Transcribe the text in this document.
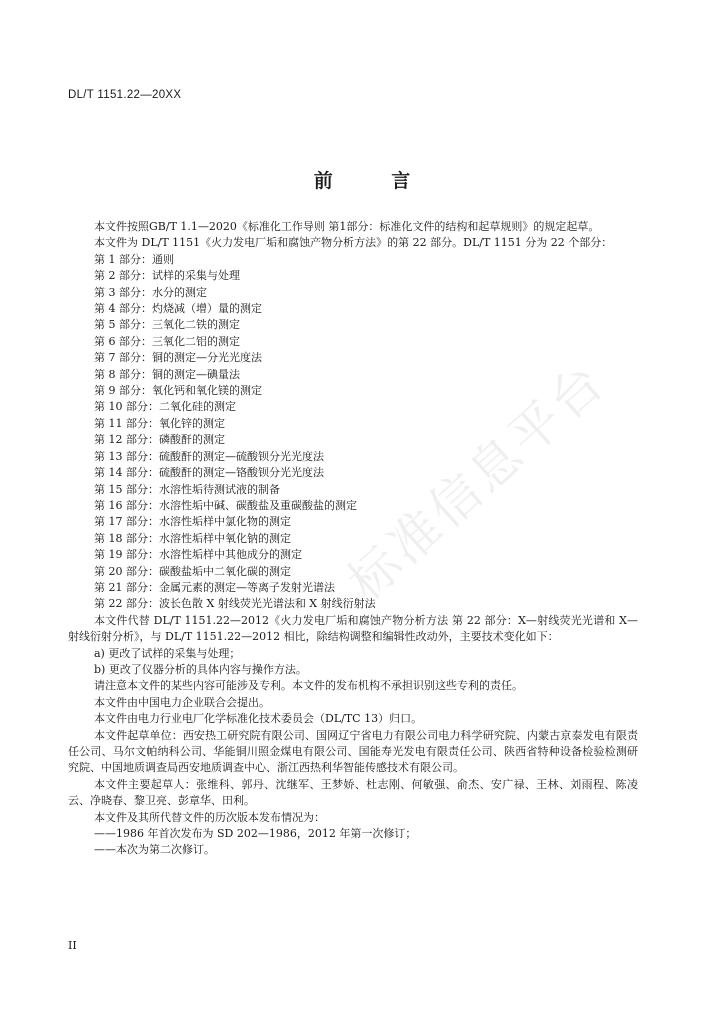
DL/T 1151.22—20XX
前 言

本文件按照GB/T 1.1—2020《标准化工作导则 第1部分：标准化文件的结构和起草规则》的规定起草。

本文件为 DL/T 1151《火力发电厂垢和腐蚀产物分析方法》的第 22 部分。DL/T 1151 分为 22 个部分：

第 1 部分：通则

第 2 部分：试样的采集与处理

第 3 部分：水分的测定

第 4 部分：灼烧减（增）量的测定

第 5 部分：三氧化二铁的测定

第 6 部分：三氧化二铝的测定

第 7 部分：铜的测定—分光光度法

第 8 部分：铜的测定—碘量法

第 9 部分：氧化钙和氧化镁的测定

第 10 部分：二氧化硅的测定

第 11 部分：氧化锌的测定

第 12 部分：磷酸酐的测定

第 13 部分：硫酸酐的测定—硫酸钡分光光度法

第 14 部分：硫酸酐的测定—铬酸钡分光光度法

第 15 部分：水溶性垢待测试液的制备

第 16 部分：水溶性垢中碱、碳酸盐及重碳酸盐的测定

第 17 部分：水溶性垢样中氯化物的测定

第 18 部分：水溶性垢样中氧化钠的测定

第 19 部分：水溶性垢样中其他成分的测定

第 20 部分：碳酸盐垢中二氧化碳的测定

第 21 部分：金属元素的测定—等离子发射光谱法

第 22 部分：波长色散 X 射线荧光光谱法和 X 射线衍射法

本文件代替 DL/T 1151.22—2012《火力发电厂垢和腐蚀产物分析方法 第 22 部分：X—射线荧光光谱和 X—射线衍射分析》，与 DL/T 1151.22—2012 相比，除结构调整和编辑性改动外，主要技术变化如下：

a) 更改了试样的采集与处理；

b) 更改了仪器分析的具体内容与操作方法。

请注意本文件的某些内容可能涉及专利。本文件的发布机构不承担识别这些专利的责任。

本文件由中国电力企业联合会提出。

本文件由电力行业电厂化学标准化技术委员会（DL/TC 13）归口。

本文件起草单位：西安热工研究院有限公司、国网辽宁省电力有限公司电力科学研究院、内蒙古京泰发电有限责任公司、马尔文帕纳科公司、华能铜川照金煤电有限公司、国能寿光发电有限责任公司、陕西省特种设备检验检测研究院、中国地质调查局西安地质调查中心、浙江西热利华智能传感技术有限公司。

本文件主要起草人：张维科、郭丹、沈继军、王梦娇、杜志刚、何敏强、俞杰、安广禄、王林、刘雨程、陈凌云、净晓春、黎卫亮、彭章华、田利。

本文件及其所代替文件的历次版本发布情况为：

——1986 年首次发布为 SD 202—1986，2012 年第一次修订；

——本次为第二次修订。

标准信息平台
II
